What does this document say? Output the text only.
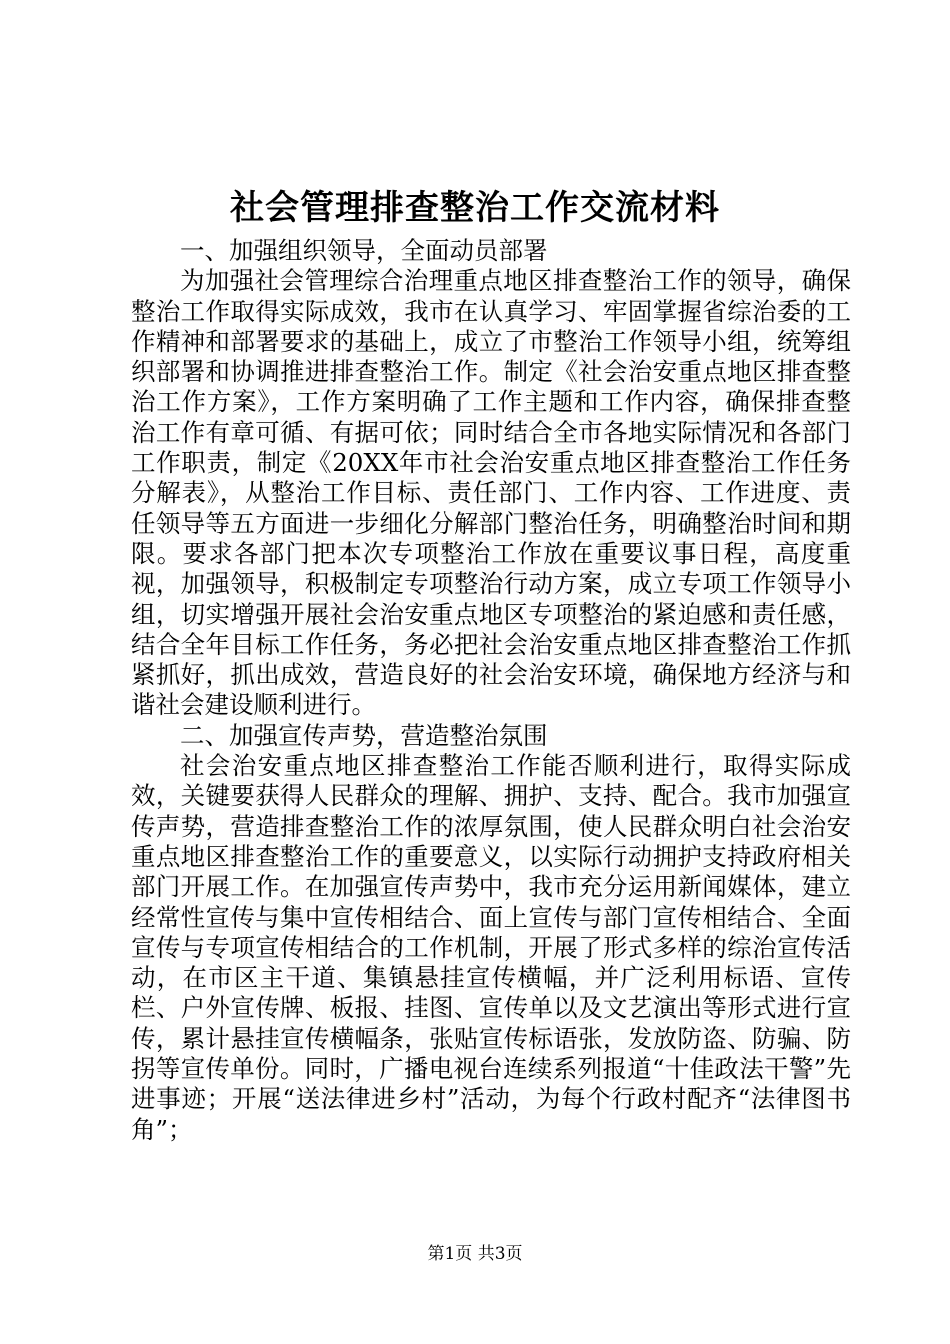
社会管理排查整治工作交流材料

一、加强组织领导，全面动员部署

为加强社会管理综合治理重点地区排查整治工作的领导，确保整治工作取得实际成效，我市在认真学习、牢固掌握省综治委的工作精神和部署要求的基础上，成立了市整治工作领导小组，统筹组织部署和协调推进排查整治工作。制定《社会治安重点地区排查整治工作方案》，工作方案明确了工作主题和工作内容，确保排查整治工作有章可循、有据可依；同时结合全市各地实际情况和各部门工作职责，制定《20XX年市社会治安重点地区排查整治工作任务分解表》，从整治工作目标、责任部门、工作内容、工作进度、责任领导等五方面进一步细化分解部门整治任务，明确整治时间和期限。要求各部门把本次专项整治工作放在重要议事日程，高度重视，加强领导，积极制定专项整治行动方案，成立专项工作领导小组，切实增强开展社会治安重点地区专项整治的紧迫感和责任感，结合全年目标工作任务，务必把社会治安重点地区排查整治工作抓紧抓好，抓出成效，营造良好的社会治安环境，确保地方经济与和谐社会建设顺利进行。

二、加强宣传声势，营造整治氛围

社会治安重点地区排查整治工作能否顺利进行，取得实际成效，关键要获得人民群众的理解、拥护、支持、配合。我市加强宣传声势，营造排查整治工作的浓厚氛围，使人民群众明白社会治安重点地区排查整治工作的重要意义，以实际行动拥护支持政府相关部门开展工作。在加强宣传声势中，我市充分运用新闻媒体，建立经常性宣传与集中宣传相结合、面上宣传与部门宣传相结合、全面宣传与专项宣传相结合的工作机制，开展了形式多样的综治宣传活动，在市区主干道、集镇悬挂宣传横幅，并广泛利用标语、宣传栏、户外宣传牌、板报、挂图、宣传单以及文艺演出等形式进行宣传，累计悬挂宣传横幅条，张贴宣传标语张，发放防盗、防骗、防拐等宣传单份。同时，广播电视台连续系列报道“十佳政法干警”先进事迹；开展“送法律进乡村”活动，为每个行政村配齐“法律图书角”；

第1页 共3页
